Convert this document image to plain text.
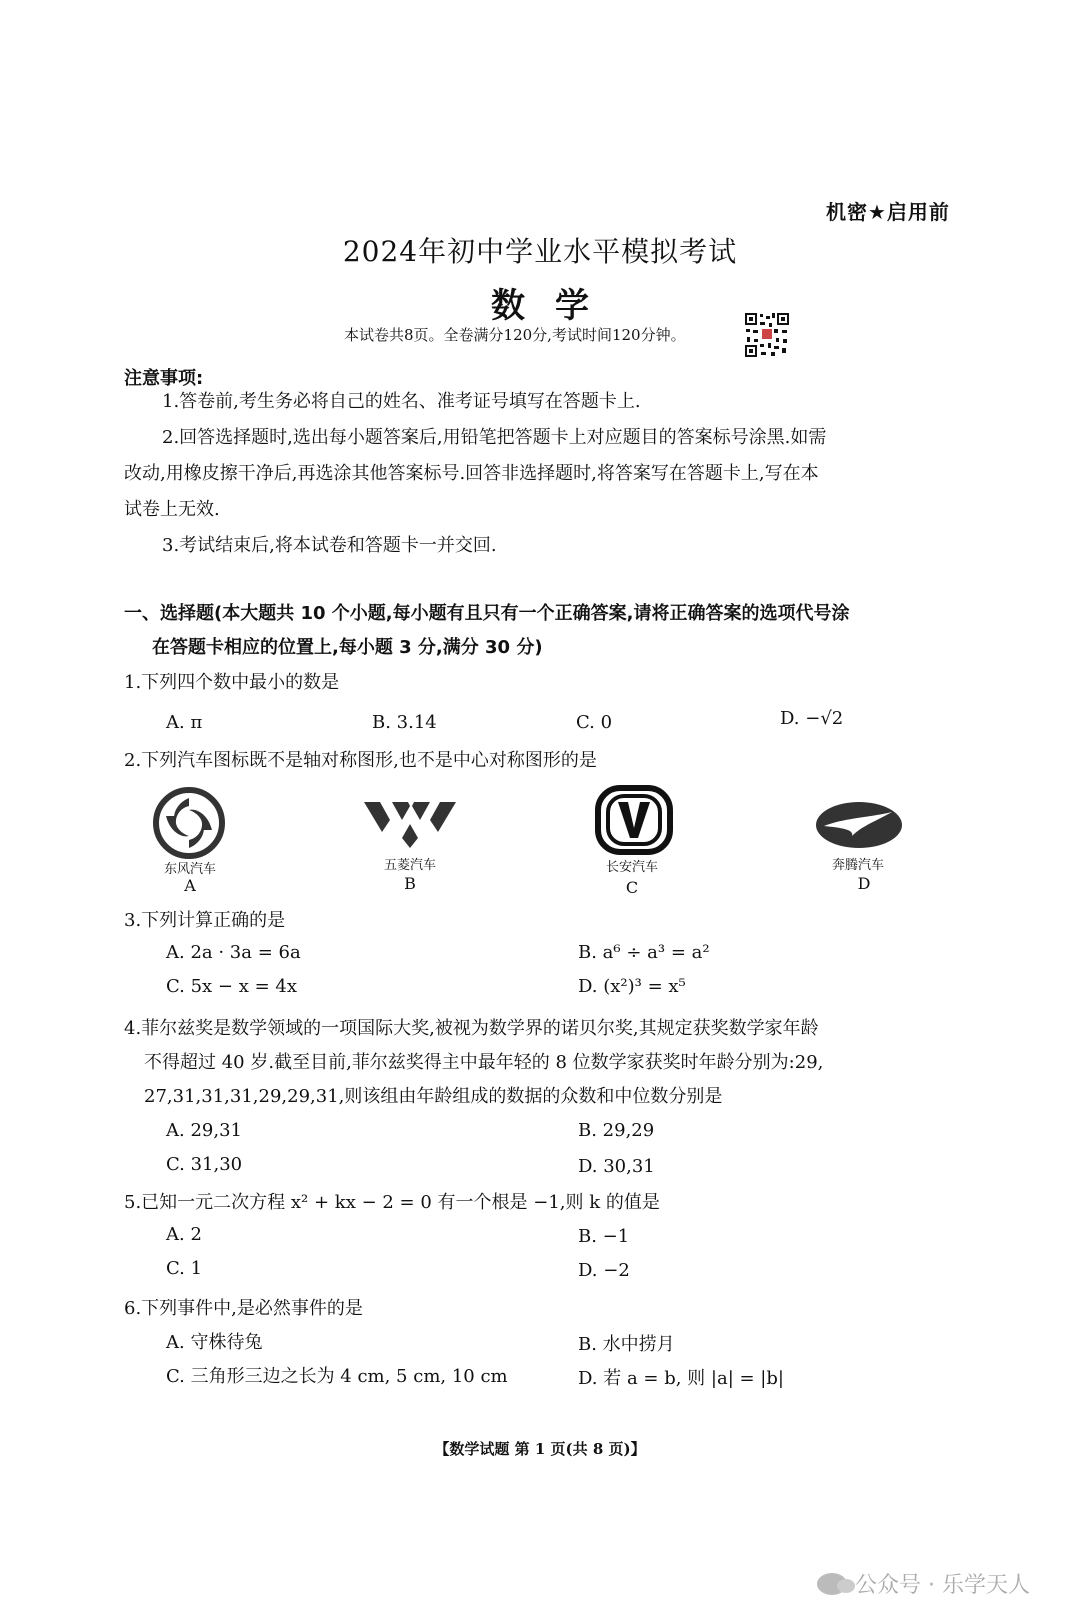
机密★启用前
2024年初中学业水平模拟考试
数学
本试卷共8页。全卷满分120分,考试时间120分钟。
注意事项:
1.答卷前,考生务必将自己的姓名、准考证号填写在答题卡上.
2.回答选择题时,选出每小题答案后,用铅笔把答题卡上对应题目的答案标号涂黑.如需
改动,用橡皮擦干净后,再选涂其他答案标号.回答非选择题时,将答案写在答题卡上,写在本
试卷上无效.
3.考试结束后,将本试卷和答题卡一并交回.
一、选择题(本大题共 10 个小题,每小题有且只有一个正确答案,请将正确答案的选项代号涂
在答题卡相应的位置上,每小题 3 分,满分 30 分)
1.下列四个数中最小的数是
A. π	B. 3.14	C. 0	D. −√2
2.下列汽车图标既不是轴对称图形,也不是中心对称图形的是
东风汽车
A
五菱汽车
B
长安汽车
C
奔腾汽车
D
3.下列计算正确的是
A. 2a · 3a = 6a	B. a⁶ ÷ a³ = a²
C. 5x − x = 4x	D. (x²)³ = x⁵
4.菲尔兹奖是数学领域的一项国际大奖,被视为数学界的诺贝尔奖,其规定获奖数学家年龄
不得超过 40 岁.截至目前,菲尔兹奖得主中最年轻的 8 位数学家获奖时年龄分别为:29,
27,31,31,31,29,29,31,则该组由年龄组成的数据的众数和中位数分别是
A. 29,31	B. 29,29
C. 31,30	D. 30,31
5.已知一元二次方程 x² + kx − 2 = 0 有一个根是 −1,则 k 的值是
A. 2	B. −1
C. 1	D. −2
6.下列事件中,是必然事件的是
A. 守株待兔	B. 水中捞月
C. 三角形三边之长为 4 cm, 5 cm, 10 cm	D. 若 a = b, 则 |a| = |b|
【数学试题 第 1 页(共 8 页)】
公众号 · 乐学天人
